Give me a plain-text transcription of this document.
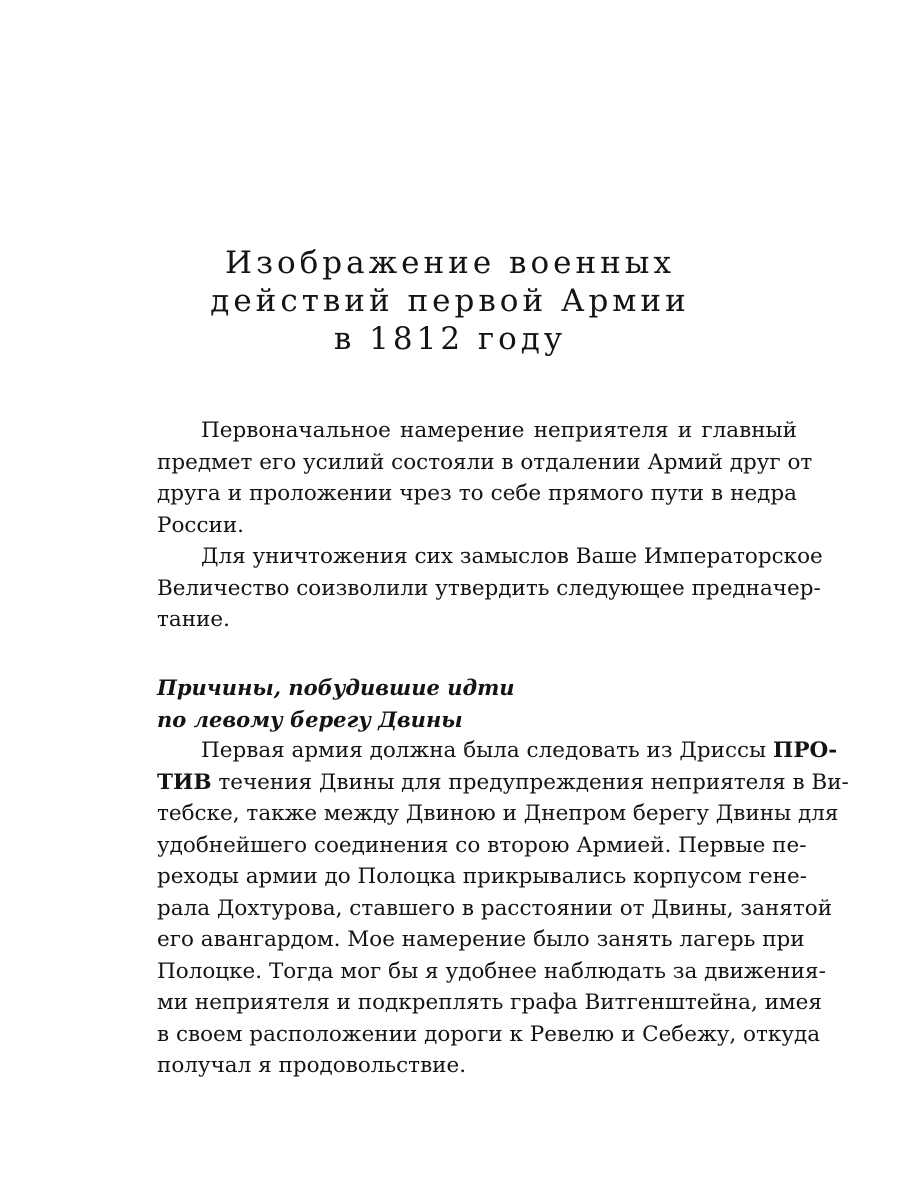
Изображение военных
действий первой Армии
в 1812 году

Первоначальное намерение неприятеля и главный
предмет его усилий состояли в отдалении Армий друг от
друга и проложении чрез то себе прямого пути в недра
России.

Для уничтожения сих замыслов Ваше Императорское
Величество соизволили утвердить следующее предначер-
тание.

Причины, побудившие идти
по левому берегу Двины

Первая армия должна была следовать из Дриссы ПРО-
ТИВ течения Двины для предупреждения неприятеля в Ви-
тебске, также между Двиною и Днепром берегу Двины для
удобнейшего соединения со второю Армией. Первые пе-
реходы армии до Полоцка прикрывались корпусом гене-
рала Дохтурова, ставшего в расстоянии от Двины, занятой
его авангардом. Мое намерение было занять лагерь при
Полоцке. Тогда мог бы я удобнее наблюдать за движения-
ми неприятеля и подкреплять графа Витгенштейна, имея
в своем расположении дороги к Ревелю и Себежу, откуда
получал я продовольствие.
